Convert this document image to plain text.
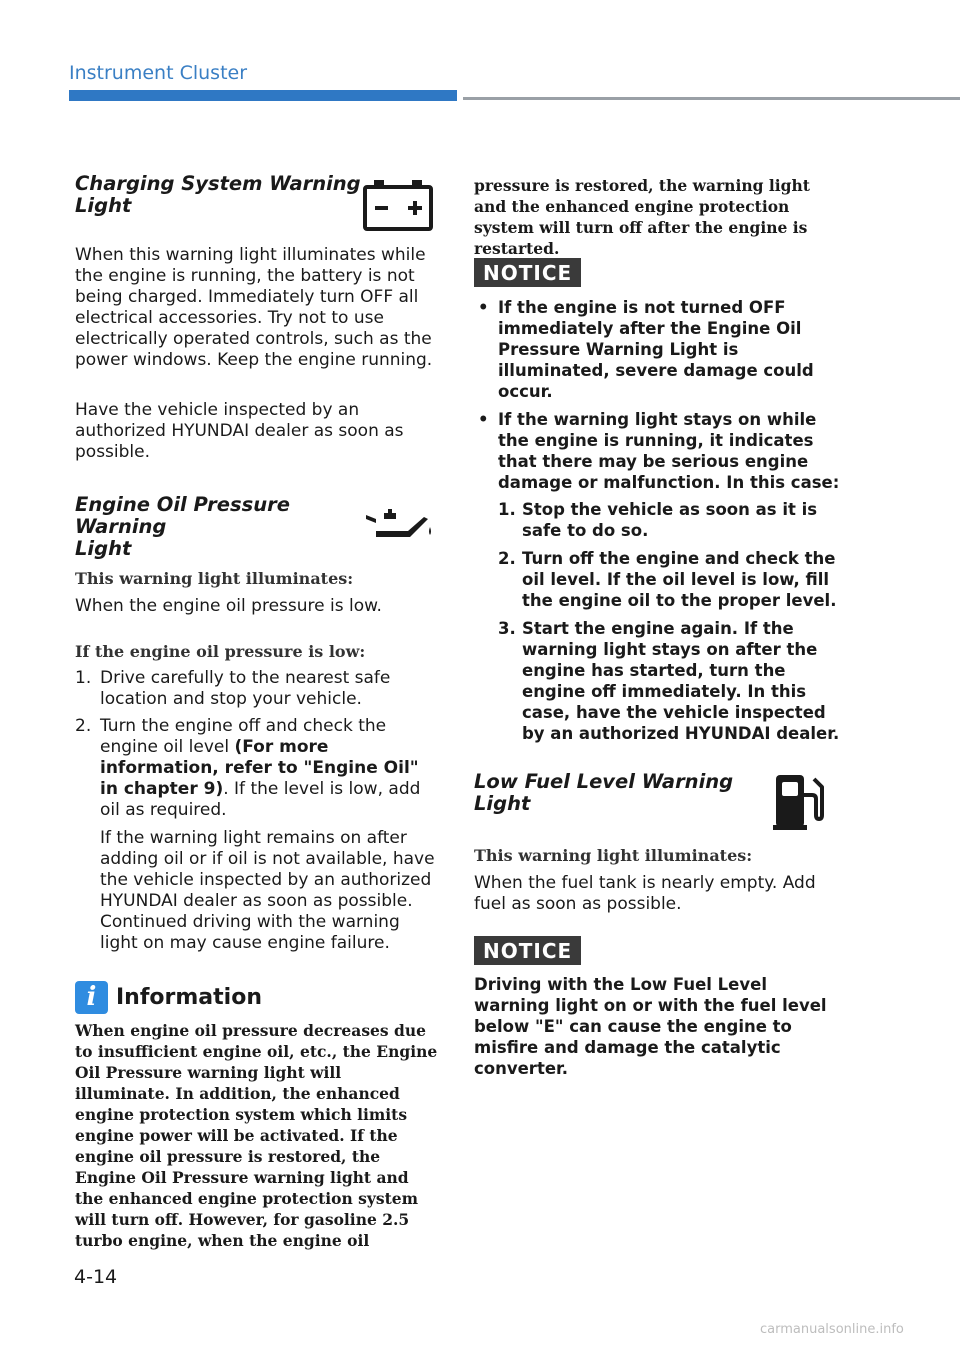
Instrument Cluster
Charging System Warning
Light
When this warning light illuminates while the engine is running, the battery is not being charged. Immediately turn OFF all electrical accessories. Try not to use electrically operated controls, such as the power windows. Keep the engine running.
Have the vehicle inspected by an authorized HYUNDAI dealer as soon as possible.
Engine Oil Pressure Warning
Light
This warning light illuminates:
When the engine oil pressure is low.
If the engine oil pressure is low:
1. Drive carefully to the nearest safe location and stop your vehicle.
2. Turn the engine off and check the engine oil level (For more information, refer to "Engine Oil" in chapter 9). If the level is low, add oil as required.

If the warning light remains on after adding oil or if oil is not available, have the vehicle inspected by an authorized HYUNDAI dealer as soon as possible. Continued driving with the warning light on may cause engine failure.

i Information
When engine oil pressure decreases due to insufficient engine oil, etc., the Engine Oil Pressure warning light will illuminate. In addition, the enhanced engine protection system which limits engine power will be activated. If the engine oil pressure is restored, the Engine Oil Pressure warning light and the enhanced engine protection system will turn off. However, for gasoline 2.5 turbo engine, when the engine oil
pressure is restored, the warning light and the enhanced engine protection system will turn off after the engine is restarted.
NOTICE
• If the engine is not turned OFF immediately after the Engine Oil Pressure Warning Light is illuminated, severe damage could occur.
• If the warning light stays on while the engine is running, it indicates that there may be serious engine damage or malfunction. In this case:
1. Stop the vehicle as soon as it is safe to do so.
2. Turn off the engine and check the oil level. If the oil level is low, fill the engine oil to the proper level.
3. Start the engine again. If the warning light stays on after the engine has started, turn the engine off immediately. In this case, have the vehicle inspected by an authorized HYUNDAI dealer.
Low Fuel Level Warning Light
This warning light illuminates:
When the fuel tank is nearly empty. Add fuel as soon as possible.
NOTICE
Driving with the Low Fuel Level warning light on or with the fuel level below "E" can cause the engine to misfire and damage the catalytic converter.
4-14
carmanualsonline.info
